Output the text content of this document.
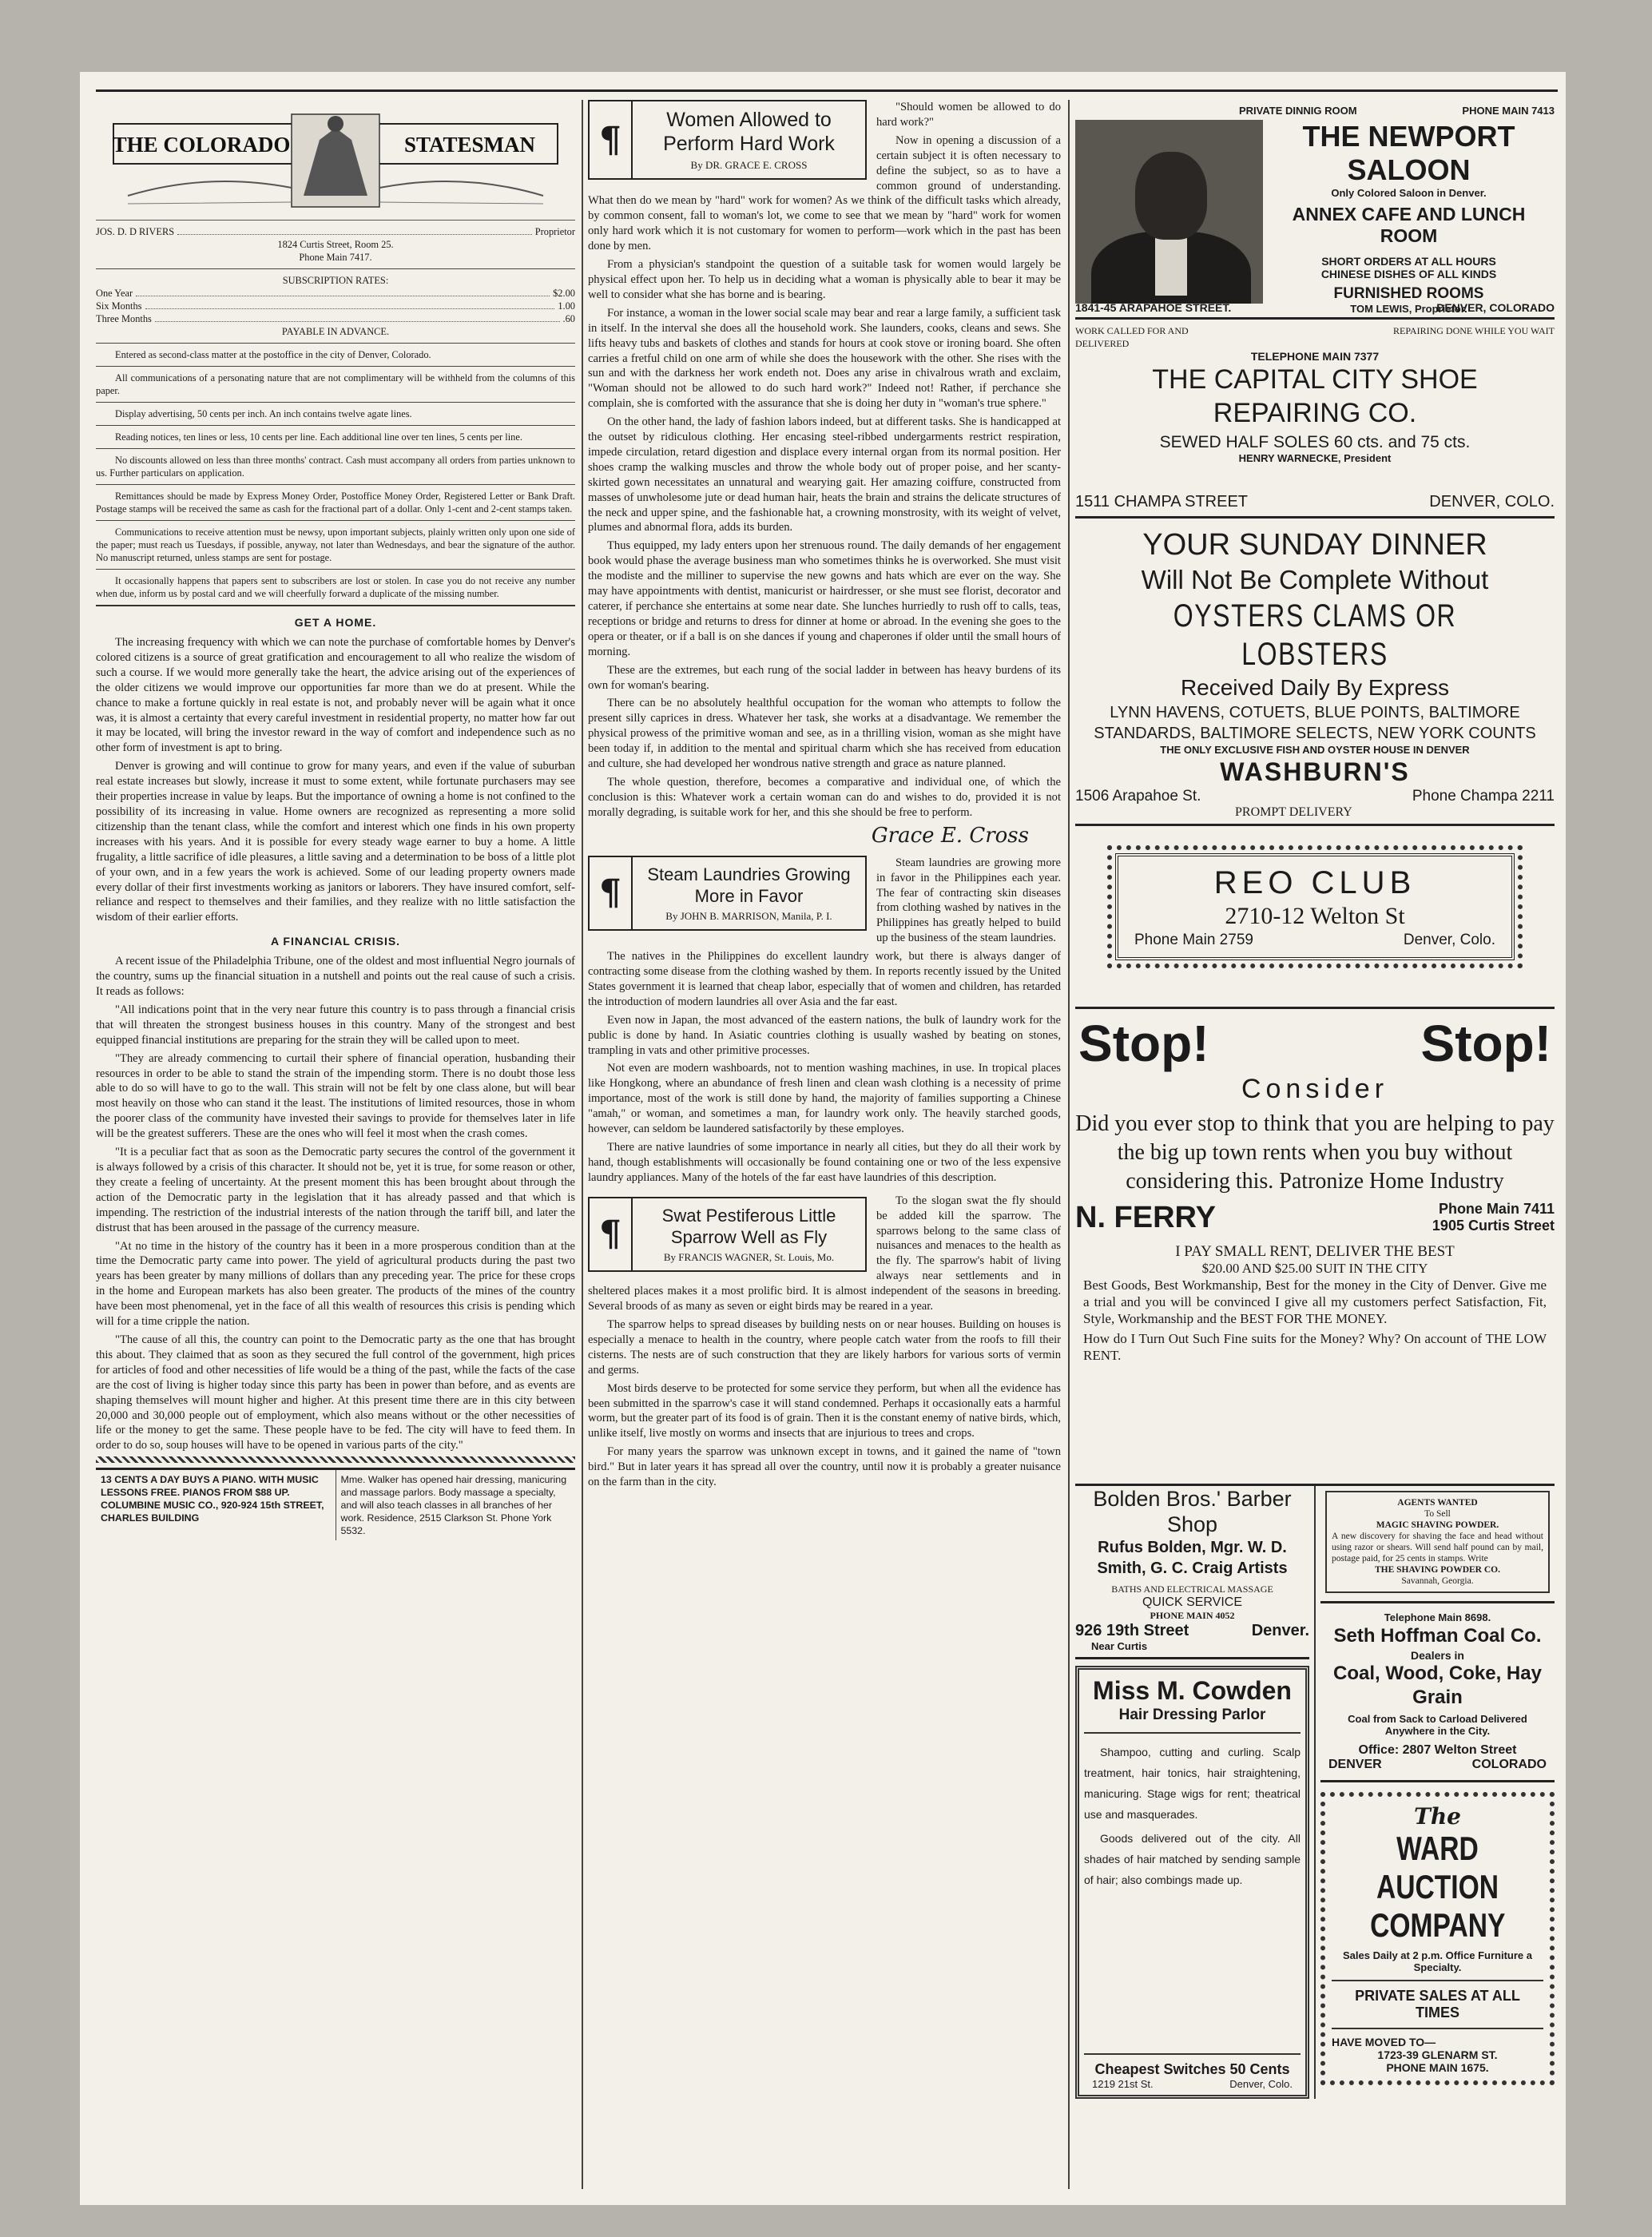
THE COLORADO	STATESMAN
JOS. D. D RIVERS	Proprietor
1824 Curtis Street, Room 25.
Phone Main 7417.
SUBSCRIPTION RATES:
One Year	$2.00
Six Months	1.00
Three Months	.60
PAYABLE IN ADVANCE.

Entered as second-class matter at the postoffice in the city of Denver, Colorado.

All communications of a personating nature that are not complimentary will be withheld from the columns of this paper.

Display advertising, 50 cents per inch. An inch contains twelve agate lines.

Reading notices, ten lines or less, 10 cents per line. Each additional line over ten lines, 5 cents per line.

No discounts allowed on less than three months' contract. Cash must accompany all orders from parties unknown to us. Further particulars on application.

Remittances should be made by Express Money Order, Postoffice Money Order, Registered Letter or Bank Draft. Postage stamps will be received the same as cash for the fractional part of a dollar. Only 1-cent and 2-cent stamps taken.

Communications to receive attention must be newsy, upon important subjects, plainly written only upon one side of the paper; must reach us Tuesdays, if possible, anyway, not later than Wednesdays, and bear the signature of the author. No manuscript returned, unless stamps are sent for postage.

It occasionally happens that papers sent to subscribers are lost or stolen. In case you do not receive any number when due, inform us by postal card and we will cheerfully forward a duplicate of the missing number.

GET A HOME.

The increasing frequency with which we can note the purchase of comfortable homes by Denver's colored citizens is a source of great gratification and encouragement to all who realize the wisdom of such a course. If we would more generally take the heart, the advice arising out of the experiences of the older citizens we would improve our opportunities far more than we do at present. While the chance to make a fortune quickly in real estate is not, and probably never will be again what it once was, it is almost a certainty that every careful investment in residential property, no matter how far out it may be located, will bring the investor reward in the way of comfort and independence such as no other form of investment is apt to bring.

Denver is growing and will continue to grow for many years, and even if the value of suburban real estate increases but slowly, increase it must to some extent, while fortunate purchasers may see their properties increase in value by leaps. But the importance of owning a home is not confined to the possibility of its increasing in value. Home owners are recognized as representing a more solid citizenship than the tenant class, while the comfort and interest which one finds in his own property increases with his years. And it is possible for every steady wage earner to buy a home. A little frugality, a little sacrifice of idle pleasures, a little saving and a determination to be boss of a little plot of your own, and in a few years the work is achieved. Some of our leading property owners made every dollar of their first investments working as janitors or laborers. They have insured comfort, self-reliance and respect to themselves and their families, and they realize with no little satisfaction the wisdom of their earlier efforts.

A FINANCIAL CRISIS.

A recent issue of the Philadelphia Tribune, one of the oldest and most influential Negro journals of the country, sums up the financial situation in a nutshell and points out the real cause of such a crisis. It reads as follows:

"All indications point that in the very near future this country is to pass through a financial crisis that will threaten the strongest business houses in this country. Many of the strongest and best equipped financial institutions are preparing for the strain they will be called upon to meet.

"They are already commencing to curtail their sphere of financial operation, husbanding their resources in order to be able to stand the strain of the impending storm. There is no doubt those less able to do so will have to go to the wall. This strain will not be felt by one class alone, but will bear most heavily on those who can stand it the least. The institutions of limited resources, those in whom the poorer class of the community have invested their savings to provide for themselves later in life will be the greatest sufferers. These are the ones who will feel it most when the crash comes.

"It is a peculiar fact that as soon as the Democratic party secures the control of the government it is always followed by a crisis of this character. It should not be, yet it is true, for some reason or other, they create a feeling of uncertainty. At the present moment this has been brought about through the action of the Democratic party in the legislation that it has already passed and that which is impending. The restriction of the industrial interests of the nation through the tariff bill, and later the distrust that has been aroused in the passage of the currency measure.

"At no time in the history of the country has it been in a more prosperous condition than at the time the Democratic party came into power. The yield of agricultural products during the past two years has been greater by many millions of dollars than any preceding year. The price for these crops in the home and European markets has also been greater. The products of the mines of the country have been most phenomenal, yet in the face of all this wealth of resources this crisis is pending which will for a time cripple the nation.

"The cause of all this, the country can point to the Democratic party as the one that has brought this about. They claimed that as soon as they secured the full control of the government, high prices for articles of food and other necessities of life would be a thing of the past, while the facts of the case are the cost of living is higher today since this party has been in power than before, and as events are shaping themselves will mount higher and higher. At this present time there are in this city between 20,000 and 30,000 people out of employment, which also means without or the other necessities of life or the money to get the same. These people have to be fed. The city will have to feed them. In order to do so, soup houses will have to be opened in various parts of the city."

13 CENTS A DAY BUYS A PIANO. WITH MUSIC LESSONS FREE. PIANOS FROM $88 UP. COLUMBINE MUSIC CO., 920-924 15th STREET, CHARLES BUILDING
Mme. Walker has opened hair dressing, manicuring and massage parlors. Body massage a specialty, and will also teach classes in all branches of her work. Residence, 2515 Clarkson St. Phone York 5532.
¶	Women Allowed to Perform Hard Work
By DR. GRACE E. CROSS

"Should women be allowed to do hard work?"

Now in opening a discussion of a certain subject it is often necessary to define the subject, so as to have a common ground of understanding. What then do we mean by "hard" work for women? As we think of the difficult tasks which already, by common consent, fall to woman's lot, we come to see that we mean by "hard" work for women only hard work which it is not customary for women to perform—work which in the past has been done by men.

From a physician's standpoint the question of a suitable task for women would largely be physical effect upon her. To help us in deciding what a woman is physically able to bear it may be well to consider what she has borne and is bearing.

For instance, a woman in the lower social scale may bear and rear a large family, a sufficient task in itself. In the interval she does all the household work. She launders, cooks, cleans and sews. She lifts heavy tubs and baskets of clothes and stands for hours at cook stove or ironing board. She often carries a fretful child on one arm of while she does the housework with the other. She rises with the sun and with the darkness her work endeth not. Does any arise in chivalrous wrath and exclaim, "Woman should not be allowed to do such hard work?" Indeed not! Rather, if perchance she complain, she is comforted with the assurance that she is doing her duty in "woman's true sphere."

On the other hand, the lady of fashion labors indeed, but at different tasks. She is handicapped at the outset by ridiculous clothing. Her encasing steel-ribbed undergarments restrict respiration, impede circulation, retard digestion and displace every internal organ from its normal position. Her shoes cramp the walking muscles and throw the whole body out of proper poise, and her scanty-skirted gown necessitates an unnatural and wearying gait. Her amazing coiffure, constructed from masses of unwholesome jute or dead human hair, heats the brain and strains the delicate structures of the neck and upper spine, and the fashionable hat, a crowning monstrosity, with its weight of velvet, plumes and abnormal flora, adds its burden.

Thus equipped, my lady enters upon her strenuous round. The daily demands of her engagement book would phase the average business man who sometimes thinks he is overworked. She must visit the modiste and the milliner to supervise the new gowns and hats which are ever on the way. She may have appointments with dentist, manicurist or hairdresser, or she must see florist, decorator and caterer, if perchance she entertains at some near date. She lunches hurriedly to rush off to calls, teas, receptions or bridge and returns to dress for dinner at home or abroad. In the evening she goes to the opera or theater, or if a ball is on she dances if young and chaperones if older until the small hours of morning.

These are the extremes, but each rung of the social ladder in between has heavy burdens of its own for woman's bearing.

There can be no absolutely healthful occupation for the woman who attempts to follow the present silly caprices in dress. Whatever her task, she works at a disadvantage. We remember the physical prowess of the primitive woman and see, as in a thrilling vision, woman as she might have been today if, in addition to the mental and spiritual charm which she has received from education and culture, she had developed her wondrous native strength and grace as nature planned.

The whole question, therefore, becomes a comparative and individual one, of which the conclusion is this: Whatever work a certain woman can do and wishes to do, provided it is not morally degrading, is suitable work for her, and this she should be free to perform.

Grace E. Cross
¶	Steam Laundries Growing More in Favor
By JOHN B. MARRISON, Manila, P. I.

Steam laundries are growing more in favor in the Philippines each year. The fear of contracting skin diseases from clothing washed by natives in the Philippines has greatly helped to build up the business of the steam laundries.

The natives in the Philippines do excellent laundry work, but there is always danger of contracting some disease from the clothing washed by them. In reports recently issued by the United States government it is learned that cheap labor, especially that of women and children, has retarded the introduction of modern laundries all over Asia and the far east.

Even now in Japan, the most advanced of the eastern nations, the bulk of laundry work for the public is done by hand. In Asiatic countries clothing is usually washed by beating on stones, trampling in vats and other primitive processes.

Not even are modern washboards, not to mention washing machines, in use. In tropical places like Hongkong, where an abundance of fresh linen and clean wash clothing is a necessity of prime importance, most of the work is still done by hand, the majority of families supporting a Chinese "amah," or woman, and sometimes a man, for laundry work only. The heavily starched goods, however, can seldom be laundered satisfactorily by these employes.

There are native laundries of some importance in nearly all cities, but they do all their work by hand, though establishments will occasionally be found containing one or two of the less expensive laundry appliances. Many of the hotels of the far east have laundries of this description.

¶	Swat Pestiferous Little Sparrow Well as Fly
By FRANCIS WAGNER, St. Louis, Mo.

To the slogan swat the fly should be added kill the sparrow. The sparrows belong to the same class of nuisances and menaces to the health as the fly. The sparrow's habit of living always near settlements and in sheltered places makes it a most prolific bird. It is almost independent of the seasons in breeding. Several broods of as many as seven or eight birds may be reared in a year.

The sparrow helps to spread diseases by building nests on or near houses. Building on houses is especially a menace to health in the country, where people catch water from the roofs to fill their cisterns. The nests are of such construction that they are likely harbors for various sorts of vermin and germs.

Most birds deserve to be protected for some service they perform, but when all the evidence has been submitted in the sparrow's case it will stand condemned. Perhaps it occasionally eats a harmful worm, but the greater part of its food is of grain. Then it is the constant enemy of native birds, which, unlike itself, live mostly on worms and insects that are injurious to trees and crops.

For many years the sparrow was unknown except in towns, and it gained the name of "town bird." But in later years it has spread all over the country, until now it is probably a greater nuisance on the farm than in the city.

PRIVATE DINNIG ROOM	PHONE MAIN 7413
THE NEWPORT SALOON
Only Colored Saloon in Denver.
ANNEX CAFE AND LUNCH ROOM
SHORT ORDERS AT ALL HOURS
CHINESE DISHES OF ALL KINDS
FURNISHED ROOMS
TOM LEWIS, Proprietor.
1841-45 ARAPAHOE STREET.	DENVER, COLORADO
WORK CALLED FOR AND DELIVERED
REPAIRING DONE WHILE YOU WAIT
TELEPHONE MAIN 7377
THE CAPITAL CITY SHOE
REPAIRING CO.
SEWED HALF SOLES 60 cts. and 75 cts.
HENRY WARNECKE, President
1511 CHAMPA STREET	DENVER, COLO.
YOUR SUNDAY DINNER
Will Not Be Complete Without
OYSTERS CLAMS OR LOBSTERS
Received Daily By Express
LYNN HAVENS, COTUETS, BLUE POINTS, BALTIMORE
STANDARDS, BALTIMORE SELECTS, NEW YORK COUNTS
THE ONLY EXCLUSIVE FISH AND OYSTER HOUSE IN DENVER
WASHBURN'S
1506 Arapahoe St.	Phone Champa 2211
PROMPT DELIVERY
REO CLUB
2710-12 Welton St
Phone Main 2759	Denver, Colo.
Stop!	Stop!
Consider
Did you ever stop to think that you are helping to pay the big up town rents when you buy without considering this. Patronize Home Industry
N. FERRY	Phone Main 7411
1905 Curtis Street
I PAY SMALL RENT, DELIVER THE BEST
$20.00 AND $25.00 SUIT IN THE CITY

Best Goods, Best Workmanship, Best for the money in the City of Denver. Give me a trial and you will be convinced I give all my customers perfect Satisfaction, Fit, Style, Workmanship and the BEST FOR THE MONEY.

How do I Turn Out Such Fine suits for the Money? Why? On account of THE LOW RENT.

Bolden Bros.' Barber Shop
Rufus Bolden, Mgr. W. D. Smith, G. C. Craig Artists
BATHS AND ELECTRICAL MASSAGE
QUICK SERVICE
PHONE MAIN 4052
926 19th Street	Denver.
Near Curtis
Miss M. Cowden
Hair Dressing Parlor

Shampoo, cutting and curling. Scalp treatment, hair tonics, hair straightening, manicuring. Stage wigs for rent; theatrical use and masquerades.

Goods delivered out of the city. All shades of hair matched by sending sample of hair; also combings made up.

Cheapest Switches 50 Cents
1219 21st St.	Denver, Colo.
AGENTS WANTED
To Sell
MAGIC SHAVING POWDER.
A new discovery for shaving the face and head without using razor or shears. Will send half pound can by mail, postage paid, for 25 cents in stamps. Write
THE SHAVING POWDER CO.
Savannah, Georgia.
Telephone Main 8698.
Seth Hoffman Coal Co.
Dealers in
Coal, Wood, Coke, Hay Grain
Coal from Sack to Carload Delivered Anywhere in the City.
Office: 2807 Welton Street
DENVER	COLORADO
The
WARD AUCTION
COMPANY
Sales Daily at 2 p.m. Office Furniture a Specialty.
PRIVATE SALES AT ALL TIMES
HAVE MOVED TO—
1723-39 GLENARM ST.
PHONE MAIN 1675.
